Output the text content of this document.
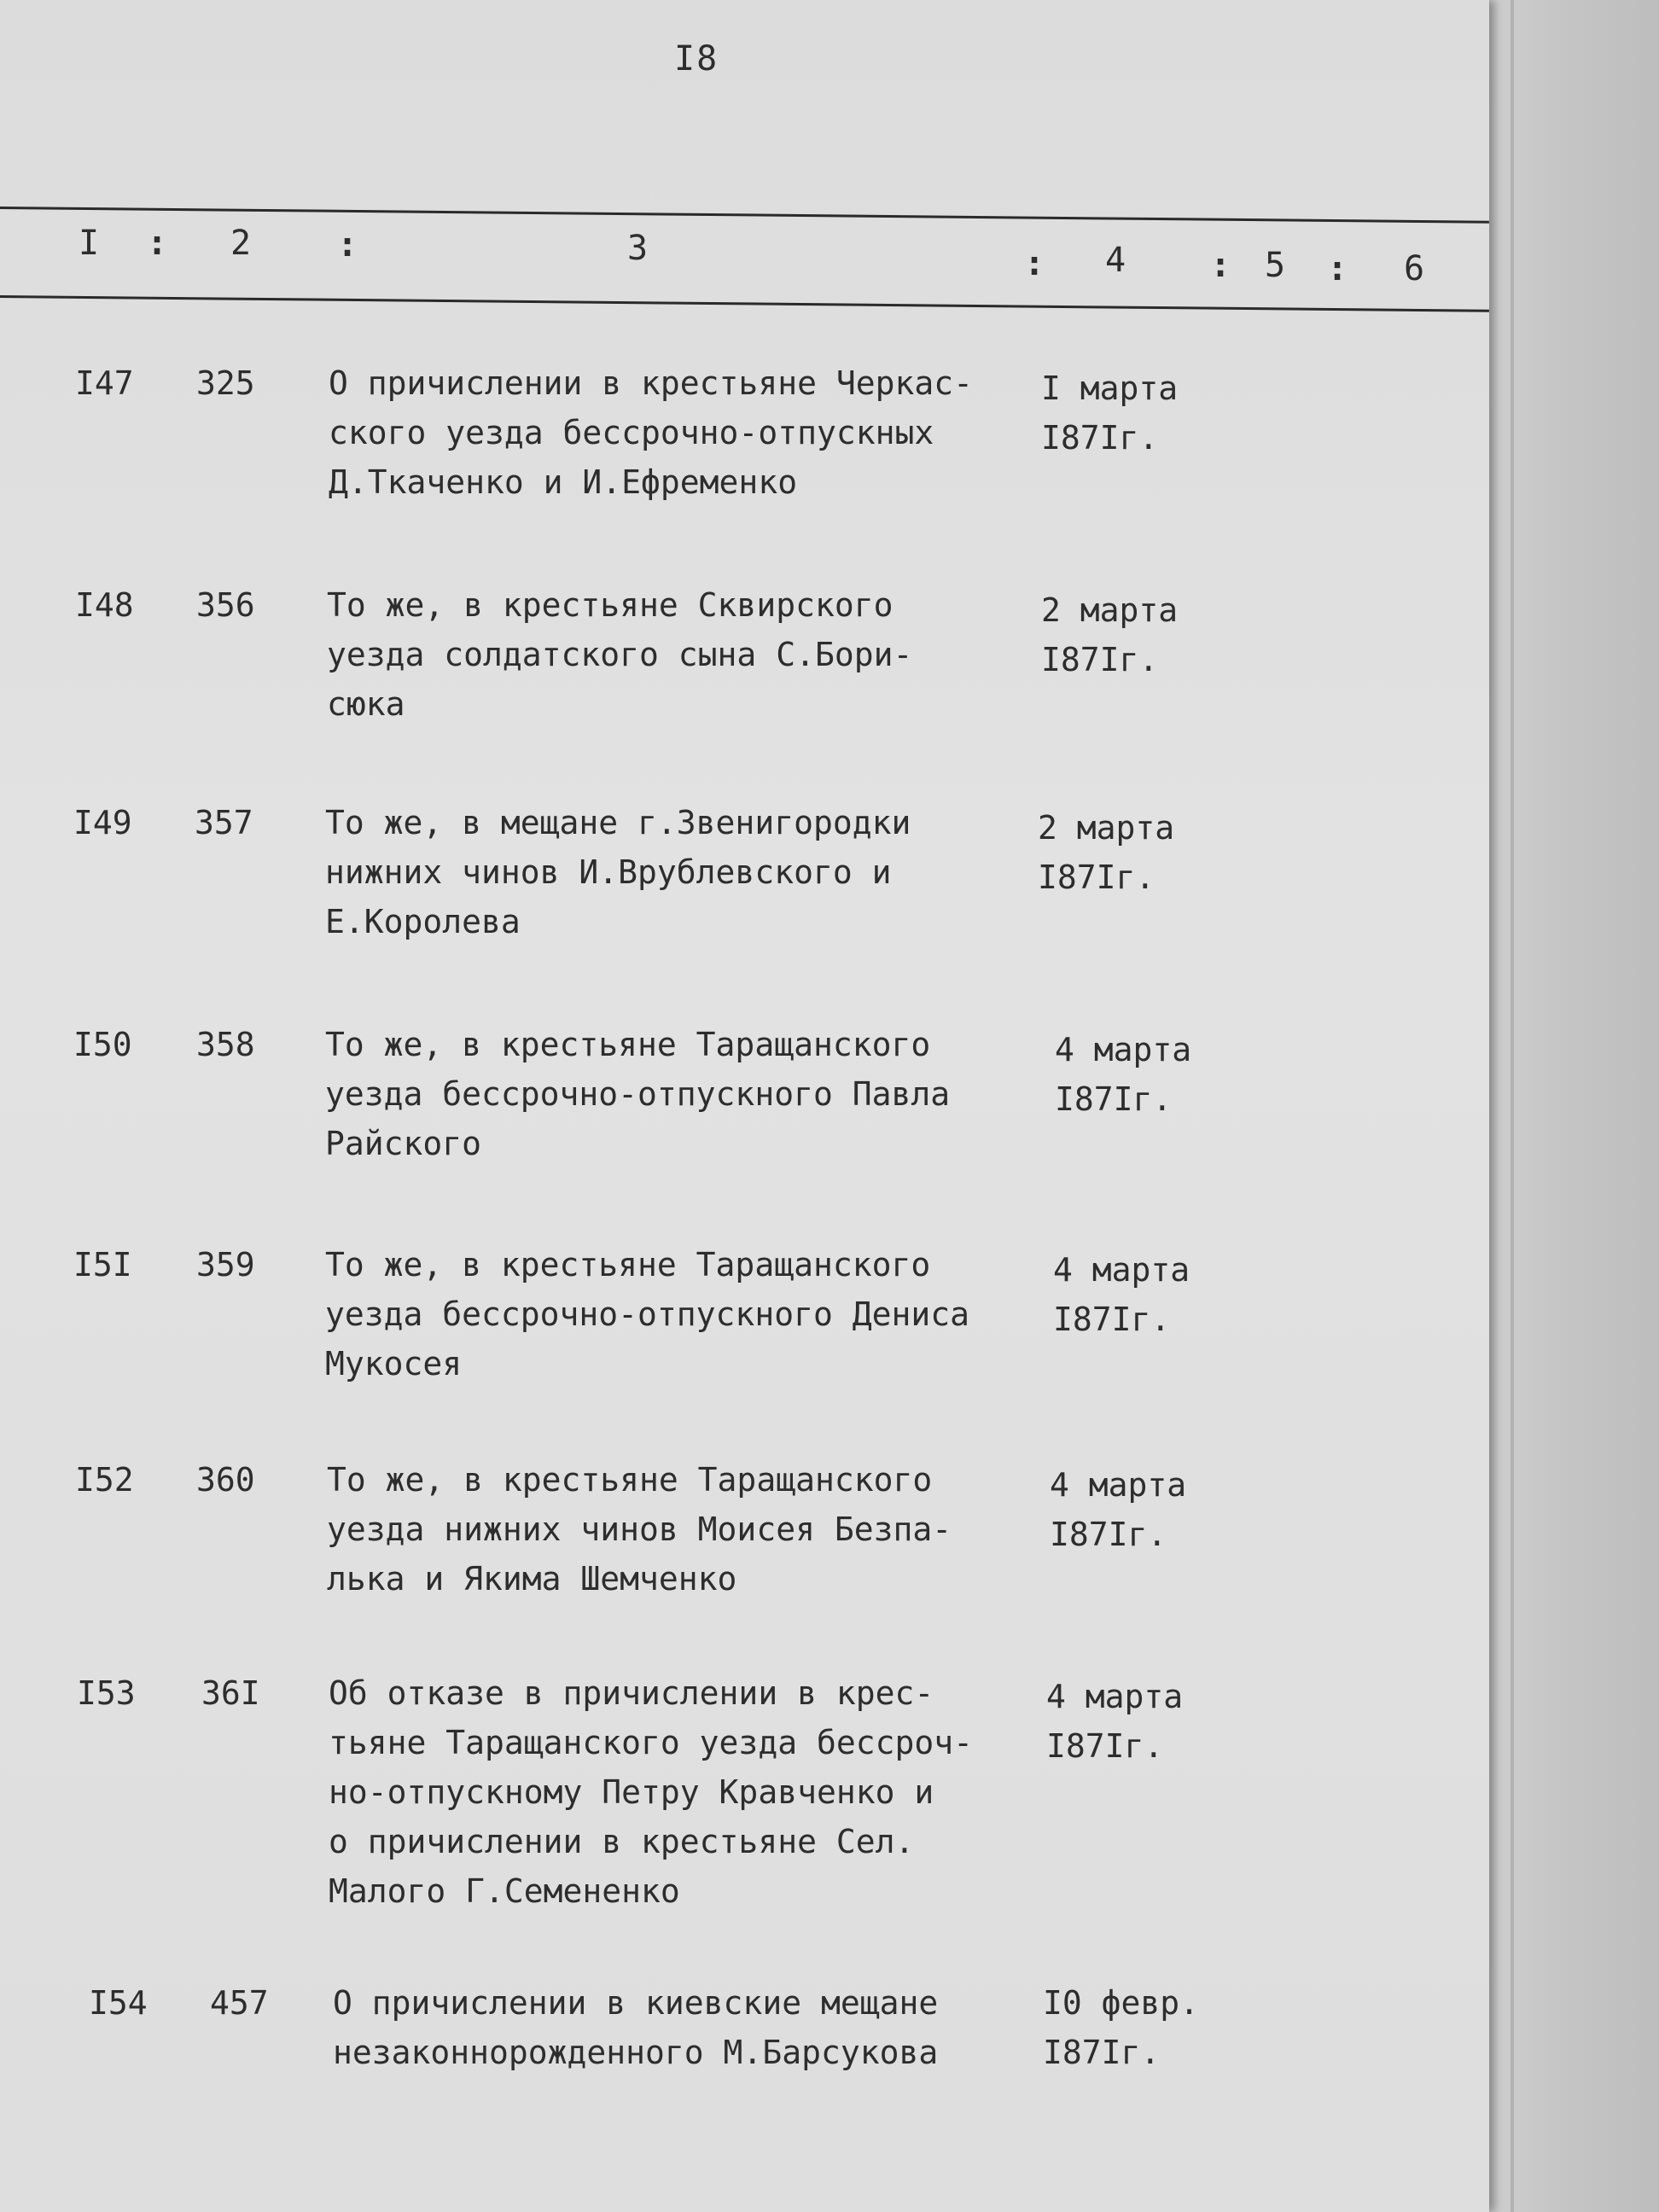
I8
I : 2	:	3	: 4 : 5 : 6
I47 325 О причислении в крестьяне Черкас-
ского уезда бессрочно-отпускных
Д.Ткаченко и И.Ефременко
I марта
I87Iг.
I48 356 То же, в крестьяне Сквирского
уезда солдатского сына С.Бори-
сюка
2 марта
I87Iг.
I49 357 То же, в мещане г.Звенигородки
нижних чинов И.Врублевского и
Е.Королева
2 марта
I87Iг.
I50 358 То же, в крестьяне Таращанского
уезда бессрочно-отпускного Павла
Райского
4 марта
I87Iг.
I5I 359 То же, в крестьяне Таращанского
уезда бессрочно-отпускного Дениса
Мукосея
4 марта
I87Iг.
I52 360 То же, в крестьяне Таращанского
уезда нижних чинов Моисея Безпа-
лька и Якима Шемченко
4 марта
I87Iг.
I53 36I Об отказе в причислении в крес-
тьяне Таращанского уезда бессроч-
но-отпускному Петру Кравченко и
о причислении в крестьяне Сел.
Малого Г.Семененко
4 марта
I87Iг.
I54 457 О причислении в киевские мещане
незаконнорожденного М.Барсукова
I0 февр.
I87Iг.
